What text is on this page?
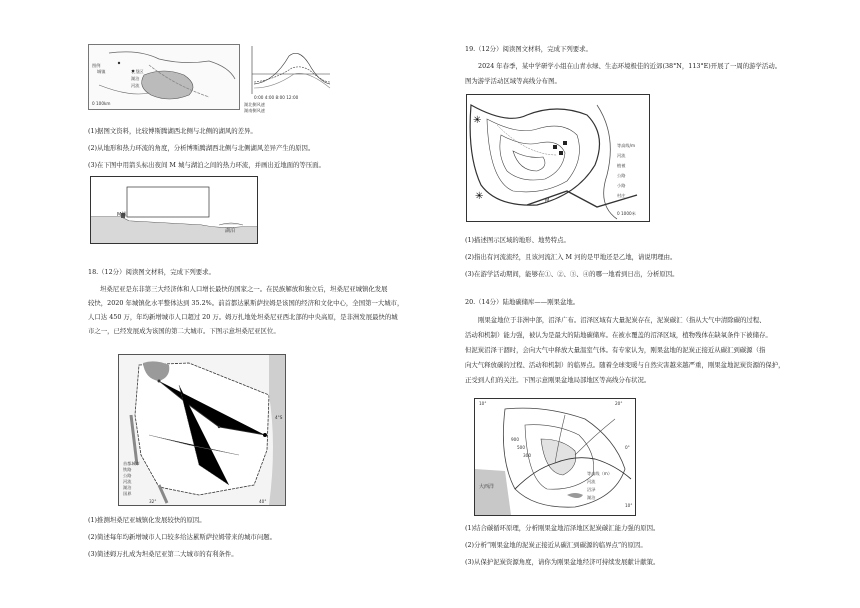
图例
城镇	农垦区
湖泊
河流
0 100km
0:00 4:00 8:00 12:00
湖北侧风速
湖南侧风速
(1)据图文资料，比较博斯腾湖西北侧与北侧的湖风的差异。
(2)从地形和热力环流的角度，分析博斯腾湖西北侧与北侧湖风差异产生的原因。
(3)在下图中用箭头标出夜间 M 城与湖泊之间的热力环流，并画出近地面的等压面。
M城
湖泊
18.（12分）阅读图文材料，完成下列要求。
坦桑尼亚是东非第三大经济体和人口增长最快的国家之一。在民族解放和独立后，坦桑尼亚城镇化发展
较快，2020 年城镇化水平整体达到 35.2%。前首都达累斯萨拉姆是该国的经济和文化中心，全国第一大城市，
人口达 450 万，年均新增城市人口超过 20 万。姆万扎地处坦桑尼亚西北部的中央高原，是非洲发展最快的城
市之一，已经发展成为该国的第二大城市。下图示意坦桑尼亚区位。
首都城市
铁路
公路
河流
湖泊
国界
4°S
32°	40°
(1)推测坦桑尼亚城镇化发展较快的原因。
(2)简述每年均新增城市人口较多给达累斯萨拉姆带来的城市问题。
(3)简述姆万扎成为坦桑尼亚第二大城市的有利条件。
19.（12分）阅读图文材料，完成下列要求。
2024 年春季，某中学研学小组在山青水绿、生态环境极佳的近郊(38°N，113°E)开展了一周的游学活动。
图为游学活动区域等高线分布图。
✳
✳	M
等高线/m
河流
植被
公路
小路
村庄
0 1000米
(1)描述图示区域的地形、地势特点。
(2)指出有河流流经，且该河流汇入 M 河的是甲地还是乙地，请说明理由。
(3)在游学活动期间，能够在①、②、③、④的哪一地看到日出，分析原因。
20.（14分）陆地碳储库——刚果盆地。
刚果盆地位于非洲中部，沼泽广布。沼泽区域有大量泥炭存在，泥炭碳汇（指从大气中清除碳的过程、
活动和机制）能力强，被认为是最大的陆地碳储库。在被水覆盖的沼泽区域，植物残体在缺氧条件下被储存。
但泥炭沼泽干涸时，会向大气中释放大量温室气体。有专家认为，刚果盆地的泥炭正接近从碳汇到碳源（指
向大气释放碳的过程、活动和机制）的临界点。随着全球变暖与自然灾害越来越严重，刚果盆地泥炭资源的保护，
正受到人们的关注。下图示意刚果盆地局部地区等高线分布状况。
10°	20°
0°
10°
900
500
300
大西洋
等高线（m）
河流
沼泽
湖泊
(1)结合碳循环原理，分析刚果盆地沼泽地区泥炭碳汇能力强的原因。
(2)分析“刚果盆地的泥炭正接近从碳汇到碳源的临界点”的原因。
(3)从保护泥炭资源角度，请你为刚果盆地经济可持续发展献计献策。
